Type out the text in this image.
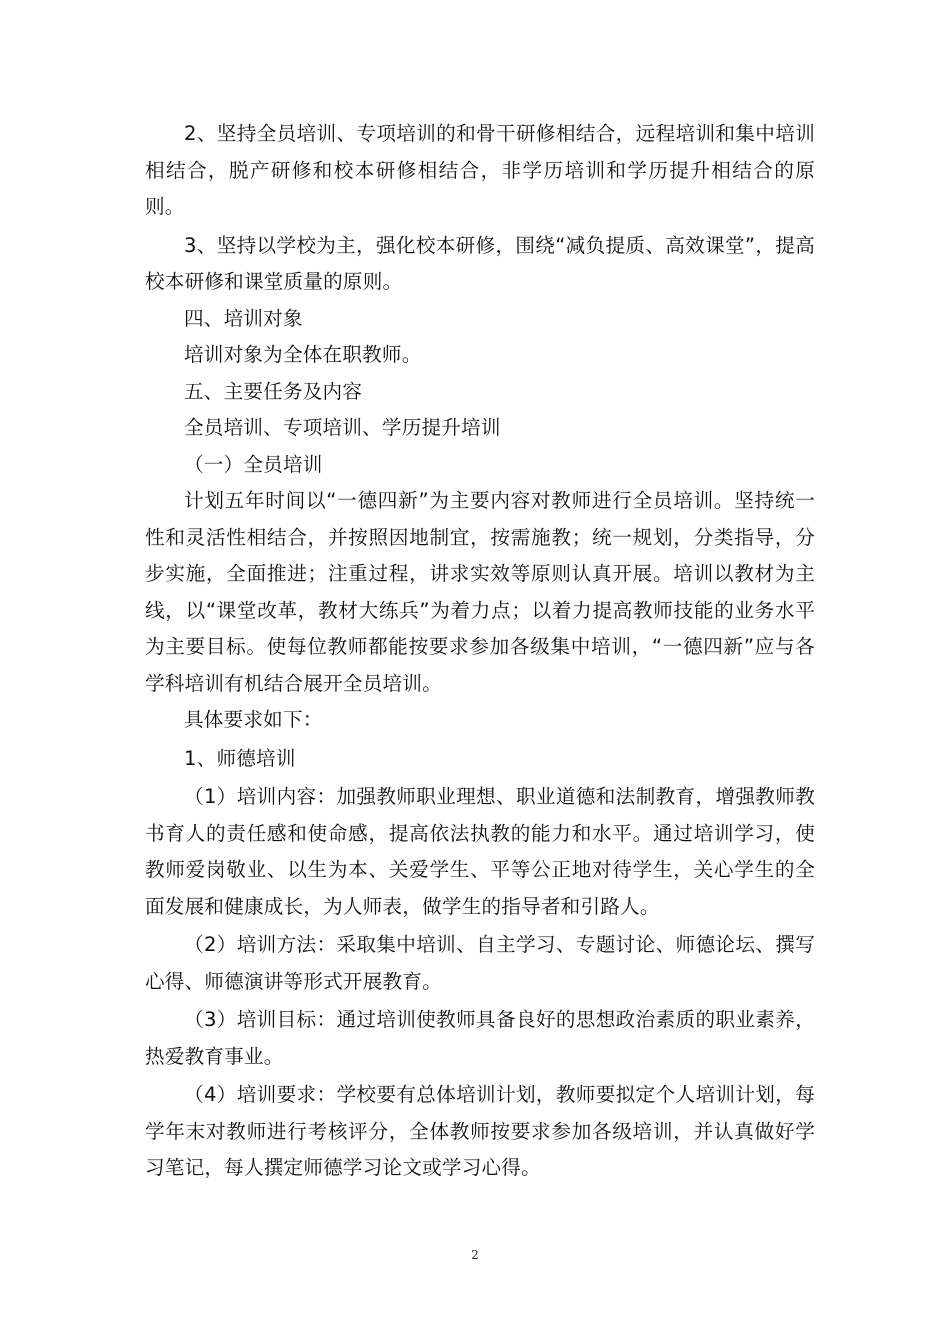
2、坚持全员培训、专项培训的和骨干研修相结合，远程培训和集中培训相结合，脱产研修和校本研修相结合，非学历培训和学历提升相结合的原则。

3、坚持以学校为主，强化校本研修，围绕“减负提质、高效课堂”，提高校本研修和课堂质量的原则。

四、培训对象

培训对象为全体在职教师。

五、主要任务及内容

全员培训、专项培训、学历提升培训

（一）全员培训

计划五年时间以“一德四新”为主要内容对教师进行全员培训。坚持统一性和灵活性相结合，并按照因地制宜，按需施教；统一规划，分类指导，分步实施，全面推进；注重过程，讲求实效等原则认真开展。培训以教材为主线，以“课堂改革，教材大练兵”为着力点；以着力提高教师技能的业务水平为主要目标。使每位教师都能按要求参加各级集中培训，“一德四新”应与各学科培训有机结合展开全员培训。

具体要求如下：

1、师德培训

（1）培训内容：加强教师职业理想、职业道德和法制教育，增强教师教书育人的责任感和使命感，提高依法执教的能力和水平。通过培训学习，使教师爱岗敬业、以生为本、关爱学生、平等公正地对待学生，关心学生的全面发展和健康成长，为人师表，做学生的指导者和引路人。

（2）培训方法：采取集中培训、自主学习、专题讨论、师德论坛、撰写心得、师德演讲等形式开展教育。

（3）培训目标：通过培训使教师具备良好的思想政治素质的职业素养，热爱教育事业。

（4）培训要求：学校要有总体培训计划，教师要拟定个人培训计划，每学年末对教师进行考核评分，全体教师按要求参加各级培训，并认真做好学习笔记，每人撰定师德学习论文或学习心得。

2
